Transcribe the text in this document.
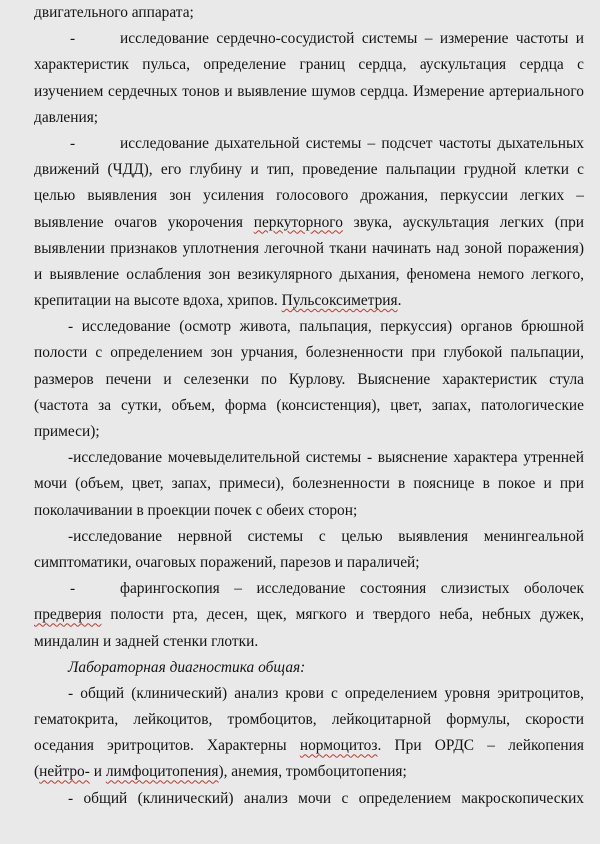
двигательного аппарата;
-	исследование сердечно-сосудистой системы – измерение частоты и
характеристик пульса, определение границ сердца, аускультация сердца с
изучением сердечных тонов и выявление шумов сердца. Измерение артериального
давления;
-	исследование дыхательной системы – подсчет частоты дыхательных
движений (ЧДД), его глубину и тип, проведение пальпации грудной клетки с
целью выявления зон усиления голосового дрожания, перкуссии легких –
выявление очагов укорочения перкуторного звука, аускультация легких (при
выявлении признаков уплотнения легочной ткани начинать над зоной поражения)
и выявление ослабления зон везикулярного дыхания, феномена немого легкого,
крепитации на высоте вдоха, хрипов. Пульсоксиметрия.
- исследование (осмотр живота, пальпация, перкуссия) органов брюшной
полости с определением зон урчания, болезненности при глубокой пальпации,
размеров печени и селезенки по Курлову. Выяснение характеристик стула
(частота за сутки, объем, форма (консистенция), цвет, запах, патологические
примеси);
-исследование мочевыделительной системы - выяснение характера утренней
мочи (объем, цвет, запах, примеси), болезненности в пояснице в покое и при
поколачивании в проекции почек с обеих сторон;
-исследование нервной системы с целью выявления менингеальной
симптоматики, очаговых поражений, парезов и параличей;
-	фарингоскопия – исследование состояния слизистых оболочек
предверия полости рта, десен, щек, мягкого и твердого неба, небных дужек,
миндалин и задней стенки глотки.
Лабораторная диагностика общая:
- общий (клинический) анализ крови с определением уровня эритроцитов,
гематокрита, лейкоцитов, тромбоцитов, лейкоцитарной формулы, скорости
оседания эритроцитов. Характерны нормоцитоз. При ОРДС – лейкопения
(нейтро- и лимфоцитопения), анемия, тромбоцитопения;
- общий (клинический) анализ мочи с определением макроскопических
